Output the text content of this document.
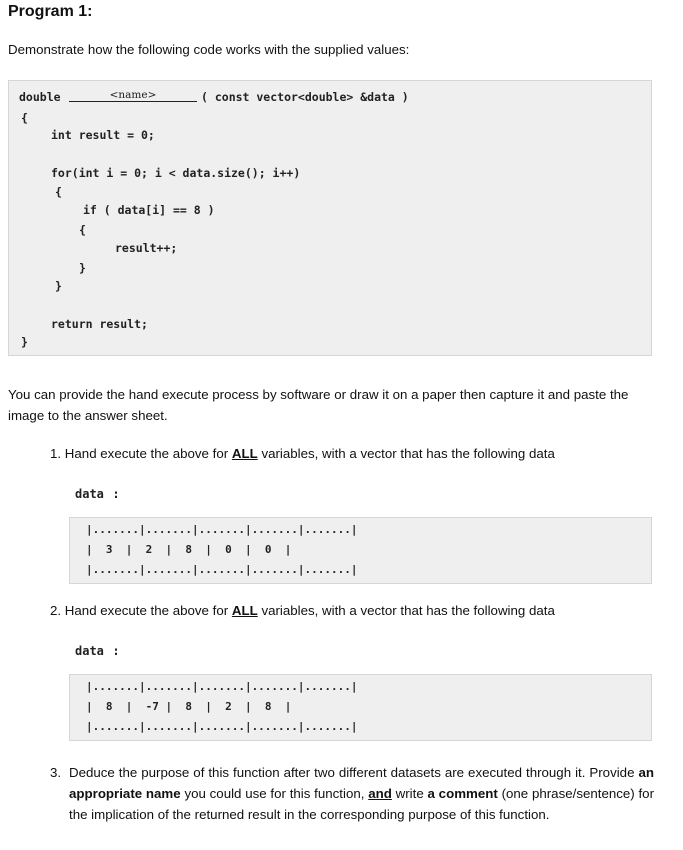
Program 1:
Demonstrate how the following code works with the supplied values:
double	<name>	( const vector<double> &data )
{
int result = 0;
for(int i = 0; i < data.size(); i++)
{
if ( data[i] == 8 )
{
result++;
}
}
return result;
}
You can provide the hand execute process by software or draw it on a paper then capture it and paste the image to the answer sheet.
1. Hand execute the above for ALL variables, with a vector that has the following data
data :
|.......|.......|.......|.......|.......|
|  3  |  2  |  8  |  0  |  0  |
|.......|.......|.......|.......|.......|
2. Hand execute the above for ALL variables, with a vector that has the following data
data :
|.......|.......|.......|.......|.......|
|  8  |  -7 |  8  |  2  |  8  |
|.......|.......|.......|.......|.......|
3. Deduce the purpose of this function after two different datasets are executed through it. Provide an appropriate name you could use for this function, and write a comment (one phrase/sentence) for the implication of the returned result in the corresponding purpose of this function.
